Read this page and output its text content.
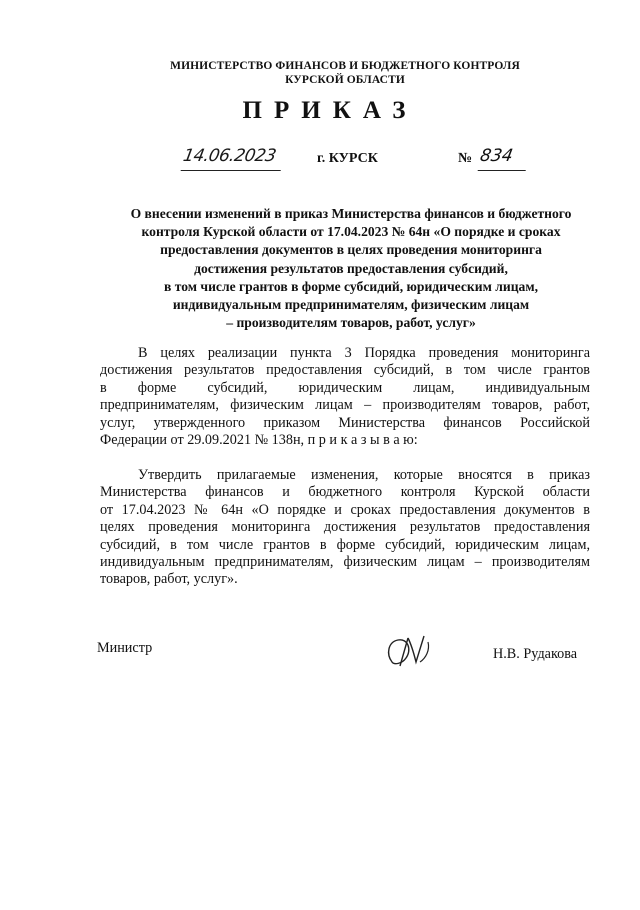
МИНИСТЕРСТВО ФИНАНСОВ И БЮДЖЕТНОГО КОНТРОЛЯ
КУРСКОЙ ОБЛАСТИ
ПРИКАЗ
14.06.2023	г. КУРСК	№ 834
О внесении изменений в приказ Министерства финансов и бюджетного
контроля Курской области от 17.04.2023 № 64н «О порядке и сроках
предоставления документов в целях проведения мониторинга
достижения результатов предоставления субсидий,
в том числе грантов в форме субсидий, юридическим лицам,
индивидуальным предпринимателям, физическим лицам
– производителям товаров, работ, услуг»
В целях реализации пункта 3 Порядка проведения мониторинга
достижения результатов предоставления субсидий, в том числе грантов
в форме субсидий, юридическим лицам, индивидуальным
предпринимателям, физическим лицам – производителям товаров, работ,
услуг, утвержденного приказом Министерства финансов Российской
Федерации от 29.09.2021 № 138н, п р и к а з ы в а ю:
Утвердить прилагаемые изменения, которые вносятся в приказ
Министерства финансов и бюджетного контроля Курской области
от 17.04.2023 № 64н «О порядке и сроках предоставления документов в
целях проведения мониторинга достижения результатов предоставления
субсидий, в том числе грантов в форме субсидий, юридическим лицам,
индивидуальным предпринимателям, физическим лицам – производителям
товаров, работ, услуг».
Министр	Н.В. Рудакова
